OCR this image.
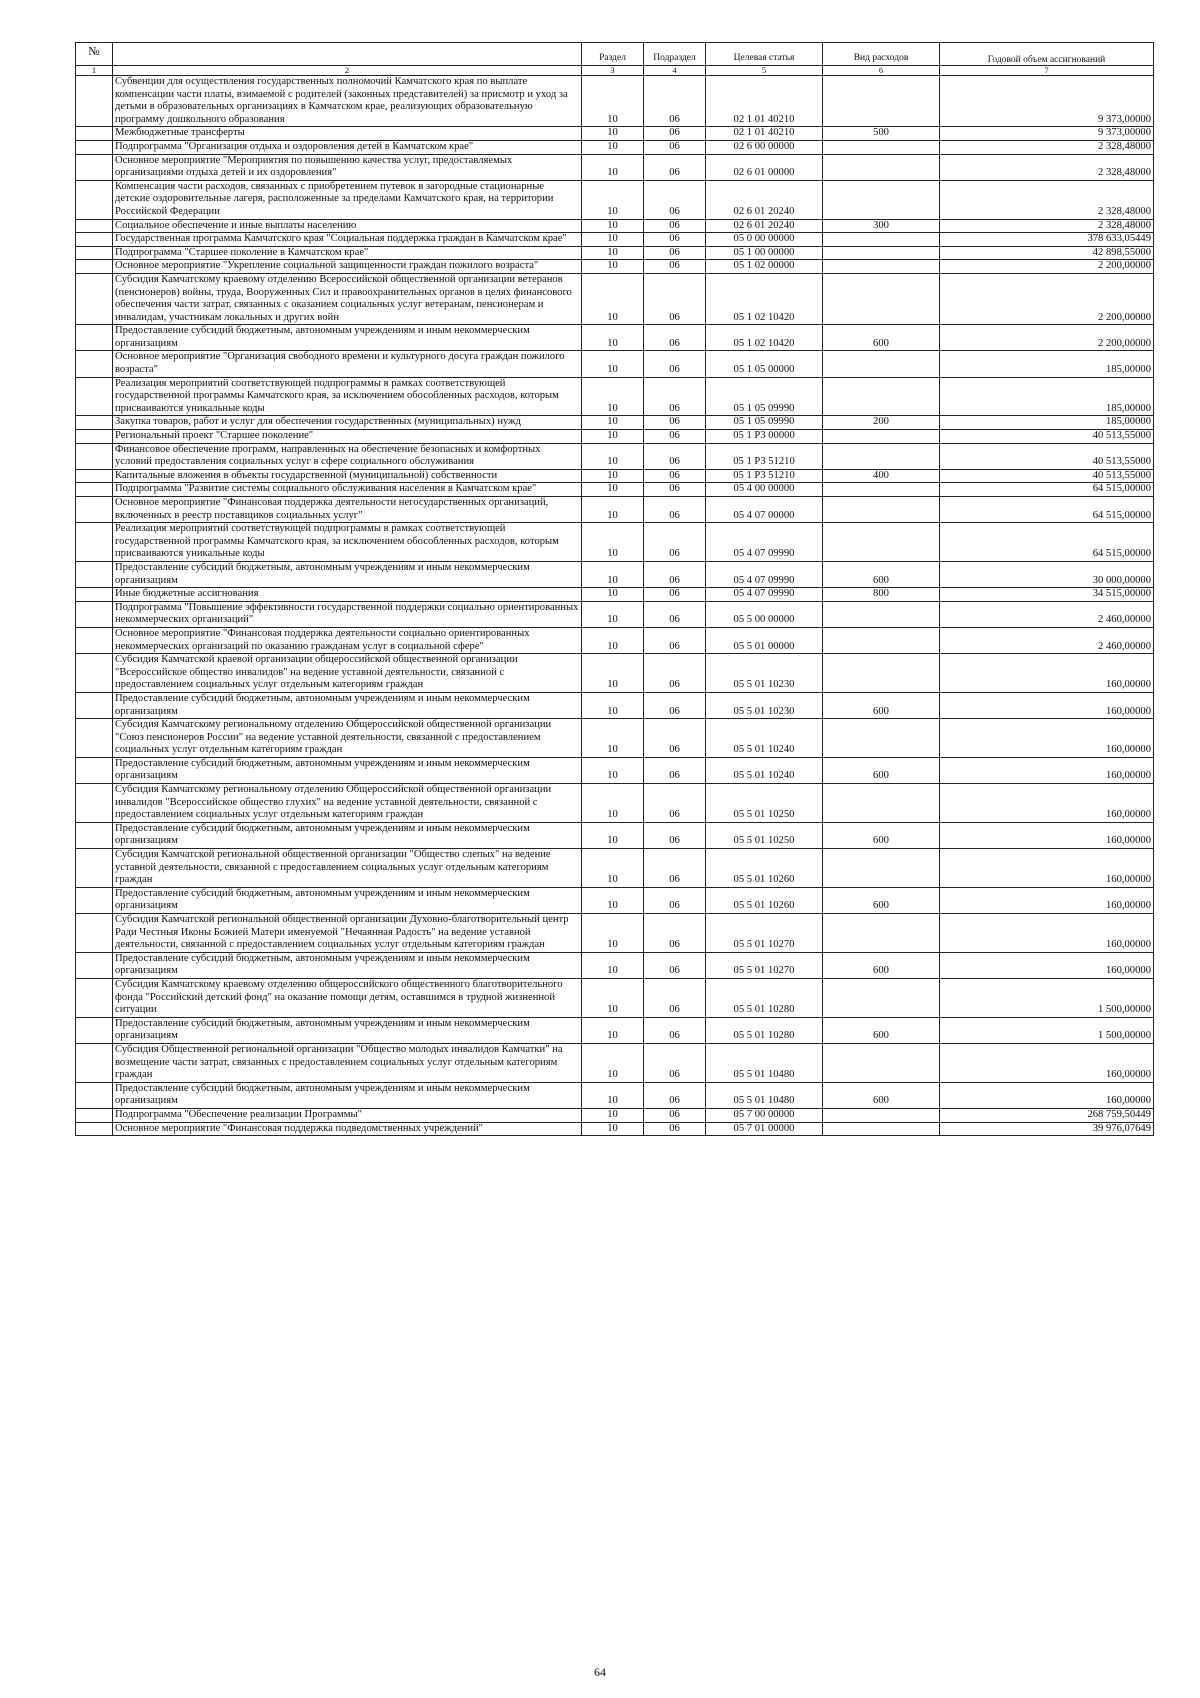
№		Раздел	Подраздел	Целевая статья	Вид расходов	Годовой объем ассигнований
1	2	3	4	5	6	7
	Субвенции для осуществления государственных полномочий Камчатского края по выплате компенсации части платы, взимаемой с родителей (законных представителей) за присмотр и уход за детьми в образовательных организациях в Камчатском крае, реализующих образовательную программу дошкольного образования	10	06	02 1 01 40210		9 373,00000
	Межбюджетные трансферты	10	06	02 1 01 40210	500	9 373,00000
	Подпрограмма "Организация отдыха и оздоровления детей в Камчатском крае"	10	06	02 6 00 00000		2 328,48000
	Основное мероприятие "Мероприятия по повышению качества услуг, предоставляемых организациями отдыха детей и их оздоровления"	10	06	02 6 01 00000		2 328,48000
	Компенсация части расходов, связанных с приобретением путевок в загородные стационарные детские оздоровительные лагеря, расположенные за пределами Камчатского края, на территории Российской Федерации	10	06	02 6 01 20240		2 328,48000
	Социальное обеспечение и иные выплаты населению	10	06	02 6 01 20240	300	2 328,48000
	Государственная программа Камчатского края "Социальная поддержка граждан в Камчатском крае"	10	06	05 0 00 00000		378 633,05449
	Подпрограмма "Старшее поколение в Камчатском крае"	10	06	05 1 00 00000		42 898,55000
	Основное мероприятие "Укрепление социальной защищенности граждан пожилого возраста"	10	06	05 1 02 00000		2 200,00000
	Субсидия Камчатскому краевому отделению Всероссийской общественной организации ветеранов (пенсионеров) войны, труда, Вооруженных Сил и правоохранительных органов в целях финансового обеспечения части затрат, связанных с оказанием социальных услуг ветеранам, пенсионерам и инвалидам, участникам локальных и других войн	10	06	05 1 02 10420		2 200,00000
	Предоставление субсидий бюджетным, автономным учреждениям и иным некоммерческим организациям	10	06	05 1 02 10420	600	2 200,00000
	Основное мероприятие "Организация свободного времени и культурного досуга граждан пожилого возраста"	10	06	05 1 05 00000		185,00000
	Реализация мероприятий соответствующей подпрограммы в рамках соответствующей государственной программы Камчатского края, за исключением обособленных расходов, которым присваиваются уникальные коды	10	06	05 1 05 09990		185,00000
	Закупка товаров, работ и услуг для обеспечения государственных (муниципальных) нужд	10	06	05 1 05 09990	200	185,00000
	Региональный проект "Старшее поколение"	10	06	05 1 P3 00000		40 513,55000
	Финансовое обеспечение программ, направленных на обеспечение безопасных и комфортных условий предоставления социальных услуг в сфере социального обслуживания	10	06	05 1 P3 51210		40 513,55000
	Капитальные вложения в объекты государственной (муниципальной) собственности	10	06	05 1 P3 51210	400	40 513,55000
	Подпрограмма "Развитие системы социального обслуживания населения в Камчатском крае"	10	06	05 4 00 00000		64 515,00000
	Основное мероприятие "Финансовая поддержка деятельности негосударственных организаций, включенных в реестр поставщиков социальных услуг"	10	06	05 4 07 00000		64 515,00000
	Реализация мероприятий соответствующей подпрограммы в рамках соответствующей государственной программы Камчатского края, за исключением обособленных расходов, которым присваиваются уникальные коды	10	06	05 4 07 09990		64 515,00000
	Предоставление субсидий бюджетным, автономным учреждениям и иным некоммерческим организациям	10	06	05 4 07 09990	600	30 000,00000
	Иные бюджетные ассигнования	10	06	05 4 07 09990	800	34 515,00000
	Подпрограмма "Повышение эффективности государственной поддержки социально ориентированных некоммерческих организаций"	10	06	05 5 00 00000		2 460,00000
	Основное мероприятие "Финансовая поддержка деятельности социально ориентированных некоммерческих организаций по оказанию гражданам услуг в социальной сфере"	10	06	05 5 01 00000		2 460,00000
	Субсидия Камчатской краевой организации общероссийской общественной организации "Всероссийское общество инвалидов" на ведение уставной деятельности, связанной с предоставлением социальных услуг отдельным категориям граждан	10	06	05 5 01 10230		160,00000
	Предоставление субсидий бюджетным, автономным учреждениям и иным некоммерческим организациям	10	06	05 5 01 10230	600	160,00000
	Субсидия Камчатскому региональному отделению Общероссийской общественной организации "Союз пенсионеров России" на ведение уставной деятельности, связанной с предоставлением социальных услуг отдельным категориям граждан	10	06	05 5 01 10240		160,00000
	Предоставление субсидий бюджетным, автономным учреждениям и иным некоммерческим организациям	10	06	05 5 01 10240	600	160,00000
	Субсидия Камчатскому региональному отделению Общероссийской общественной организации инвалидов "Всероссийское общество глухих" на ведение уставной деятельности, связанной с предоставлением социальных услуг отдельным категориям граждан	10	06	05 5 01 10250		160,00000
	Предоставление субсидий бюджетным, автономным учреждениям и иным некоммерческим организациям	10	06	05 5 01 10250	600	160,00000
	Субсидия Камчатской региональной общественной организации "Общество слепых" на ведение уставной деятельности, связанной с предоставлением социальных услуг отдельным категориям граждан	10	06	05 5 01 10260		160,00000
	Предоставление субсидий бюджетным, автономным учреждениям и иным некоммерческим организациям	10	06	05 5 01 10260	600	160,00000
	Субсидия Камчатской региональной общественной организации Духовно-благотворительный центр Ради Честныя Иконы Божией Матери именуемой "Нечаянная Радость" на ведение уставной деятельности, связанной с предоставлением социальных услуг отдельным категориям граждан	10	06	05 5 01 10270		160,00000
	Предоставление субсидий бюджетным, автономным учреждениям и иным некоммерческим организациям	10	06	05 5 01 10270	600	160,00000
	Субсидия Камчатскому краевому отделению общероссийского общественного благотворительного фонда "Российский детский фонд" на оказание помощи детям, оставшимся в трудной жизненной ситуации	10	06	05 5 01 10280		1 500,00000
	Предоставление субсидий бюджетным, автономным учреждениям и иным некоммерческим организациям	10	06	05 5 01 10280	600	1 500,00000
	Субсидия Общественной региональной организации "Общество молодых инвалидов Камчатки" на возмещение части затрат, связанных с предоставлением социальных услуг отдельным категориям граждан	10	06	05 5 01 10480		160,00000
	Предоставление субсидий бюджетным, автономным учреждениям и иным некоммерческим организациям	10	06	05 5 01 10480	600	160,00000
	Подпрограмма "Обеспечение реализации Программы"	10	06	05 7 00 00000		268 759,50449
	Основное мероприятие "Финансовая поддержка подведомственных учреждений"	10	06	05 7 01 00000		39 976,07649
64
